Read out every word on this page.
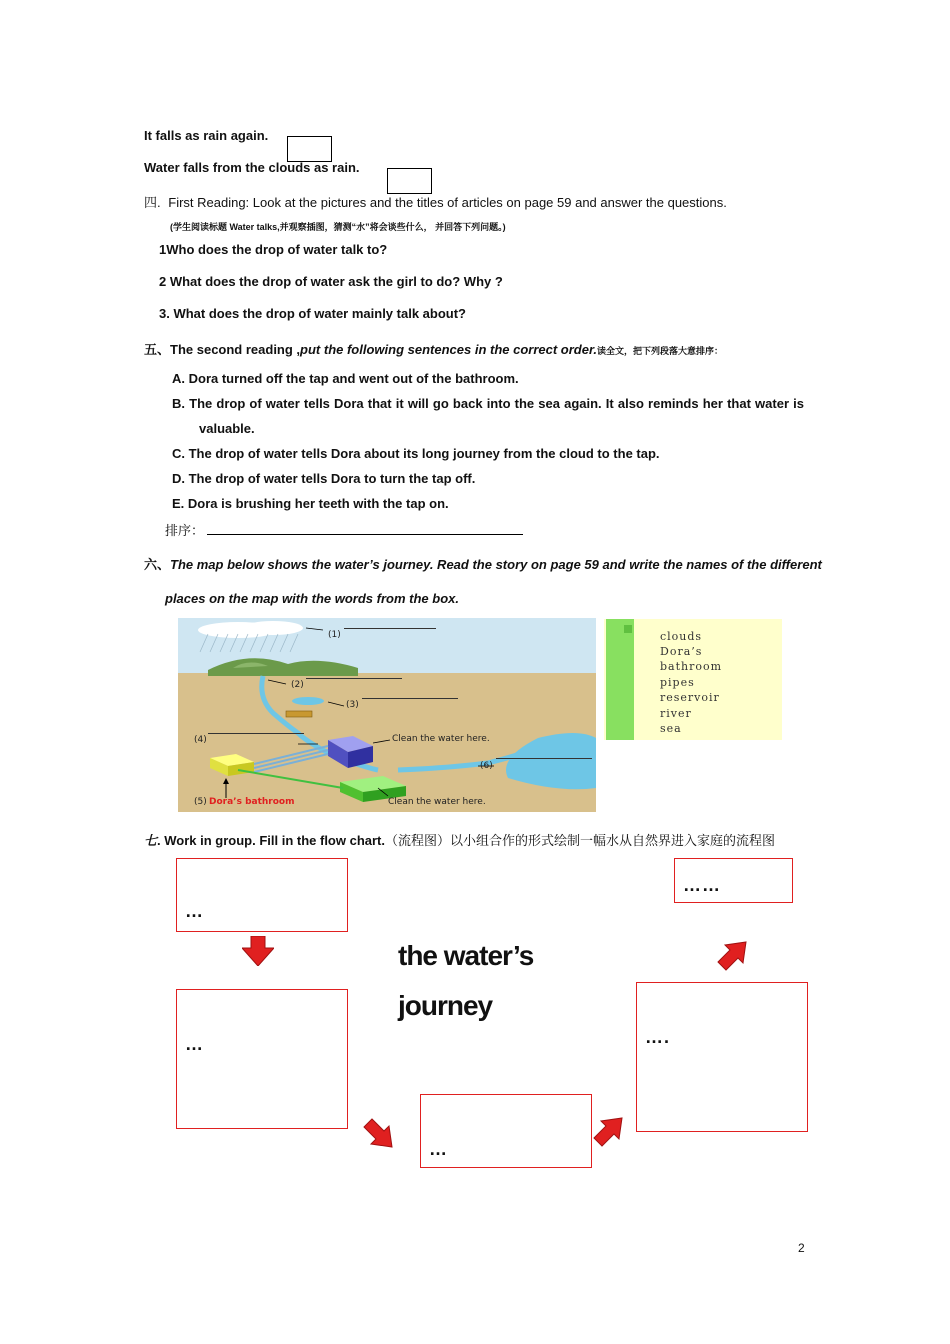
It falls as rain again.
Water falls from the clouds as rain.
四. First Reading: Look at the pictures and the titles of articles on page 59 and answer the questions.
(学生阅读标题 Water talks,并观察插图，猜测“水”将会谈些什么， 并回答下列问题。)
1Who does the drop of water talk to?
2 What does the drop of water ask the girl to do? Why ?
3. What does the drop of water mainly talk about?
五、The second reading ,put the following sentences in the correct order.读全文，把下列段落大意排序：
A. Dora turned off the tap and went out of the bathroom.
B. The drop of water tells Dora that it will go back into the sea again. It also reminds her that water is
valuable.
C. The drop of water tells Dora about its long journey from the cloud to the tap.
D. The drop of water tells Dora to turn the tap off.
E. Dora is brushing her teeth with the tap on.
排序：
六、The map below shows the water’s journey. Read the story on page 59 and write the names of the different
places on the map with the words from the box.
(1)
(2)
(3)
(4)	Clean the water here.
(6)
(5) Dora’s bathroom	Clean the water here.
clouds
Dora’s
bathroom
pipes
reservoir
river
sea
七. Work in group. Fill in the flow chart.（流程图）以小组合作的形式绘制一幅水从自然界进入家庭的流程图
…
…
…
….
……
the water’s
journey
2
